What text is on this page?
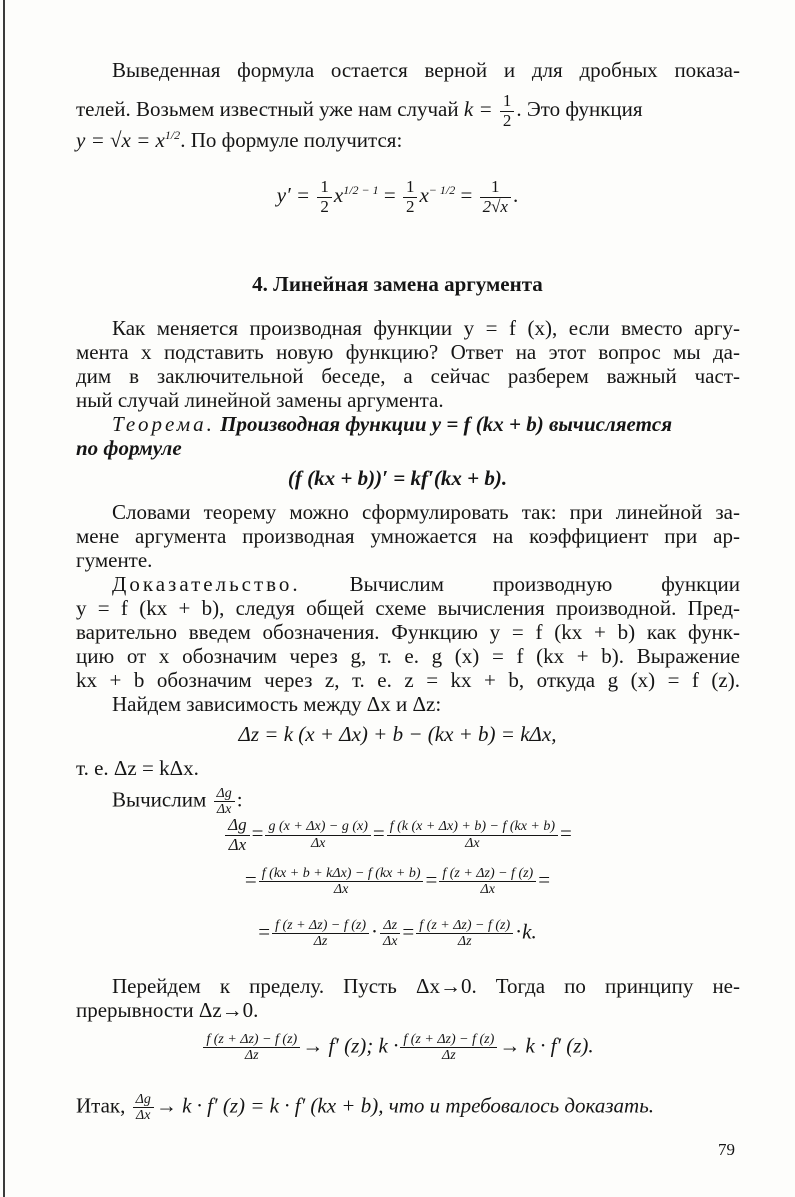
Выведенная формула остается верной и для дробных показа-
телей. Возьмем известный уже нам случай $k = \frac{1}{2}$ . Это функция
$y = √x = x^{1/2}$. По формуле получится:
$y' = \frac{1}{2} x^{1/2 - 1} = \frac{1}{2} x^{- 1/2} = \frac{1}{2√x}$ .
4. Линейная замена аргумента
Как меняется производная функции y = f (x), если вместо аргу-
мента x подставить новую функцию? Ответ на этот вопрос мы да-
дим в заключительной беседе, а сейчас разберем важный част-
ный случай линейной замены аргумента.
Теорема. Производная функции y = f (kx + b) вычисляется
по формуле
(f (kx + b))′ = kf′(kx + b).
Словами теорему можно сформулировать так: при линейной за-
мене аргумента производная умножается на коэффициент при ар-
гументе.
Доказательство. Вычислим производную функции
y = f (kx + b), следуя общей схеме вычисления производной. Пред-
варительно введем обозначения. Функцию y = f (kx + b) как функ-
цию от x обозначим через g, т. е. g (x) = f (kx + b). Выражение
kx + b обозначим через z, т. е. z = kx + b, откуда g (x) = f (z).
Найдем зависимость между Δx и Δz:
Δz = k (x + Δx) + b − (kx + b) = kΔx,
т. е. Δz = kΔx.
Вычислим $\frac{\Delta g}{\Delta x}$ :
$\frac{\Delta g}{\Delta x} = \frac{g (x + \Delta x) - g (x)}{\Delta x} = \frac{f (k (x + \Delta x) + b) - f (kx + b)}{\Delta x}$ =
= f (kx + b + kΔx) − f (kx + b)
Δx	= $\frac{f (z + \Delta z) - f (z)}{\Delta x}$ =
= $\frac{f (z + \Delta z) - f (z)}{\Delta z} \cdot \frac{\Delta z}{\Delta x} = \frac{f (z + \Delta z) - f (z)}{\Delta z} \cdot k$.
Перейдем к пределу. Пусть Δx→0. Тогда по принципу не-
прерывности Δz→0.
$\frac{f (z + \Delta z) - f (z)}{\Delta z} \to f'$ (z); $k \cdot \frac{f (z + \Delta z) - f (z)}{\Delta z} \to k \cdot f'$ (z).
Итак, $\frac{\Delta g}{\Delta x} \to k \cdot f'$ (z) = k · f′ (kx + b), что и требовалось доказать.
79
